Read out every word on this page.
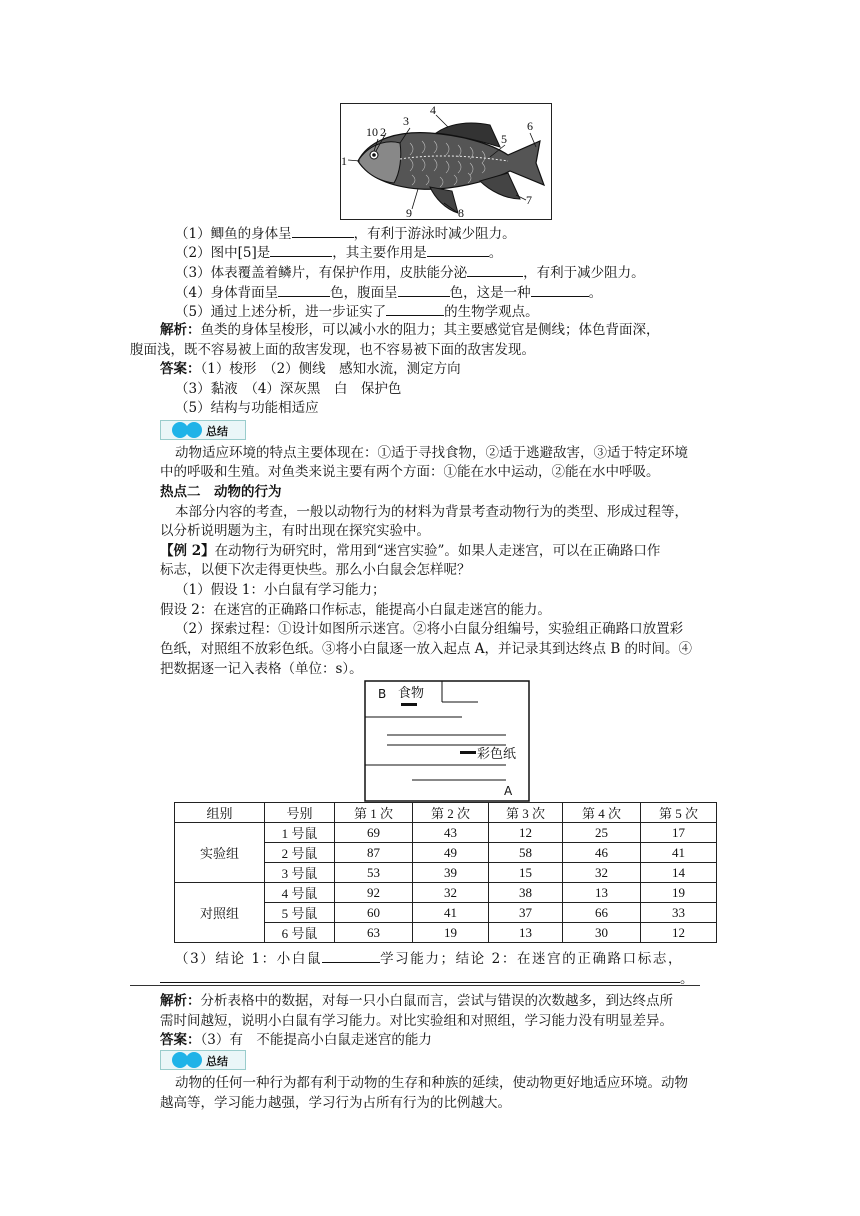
1
2
3
4
5
6
7
8
9
10
（1）鲫鱼的身体呈	，有利于游泳时减少阻力。
（2）图中[5]是	，其主要作用是	。
（3）体表覆盖着鳞片，有保护作用，皮肤能分泌	，有利于减少阻力。
（4）身体背面呈	色，腹面呈	色，这是一种	。
（5）通过上述分析，进一步证实了	的生物学观点。
解析：鱼类的身体呈梭形，可以减小水的阻力；其主要感觉官是侧线；体色背面深，
腹面浅，既不容易被上面的敌害发现，也不容易被下面的敌害发现。
答案：（1）梭形　（2）侧线　感知水流，测定方向
（3）黏液　（4）深灰黑　白　保护色
（5）结构与功能相适应
总结
动物适应环境的特点主要体现在：①适于寻找食物，②适于逃避敌害，③适于特定环境
中的呼吸和生殖。对鱼类来说主要有两个方面：①能在水中运动，②能在水中呼吸。
热点二　动物的行为
本部分内容的考查，一般以动物行为的材料为背景考查动物行为的类型、形成过程等，
以分析说明题为主，有时出现在探究实验中。
【例 2】在动物行为研究时，常用到“迷宫实验”。如果人走迷宫，可以在正确路口作
标志，以便下次走得更快些。那么小白鼠会怎样呢？
（1）假设 1：小白鼠有学习能力；
假设 2：在迷宫的正确路口作标志，能提高小白鼠走迷宫的能力。
（2）探索过程：①设计如图所示迷宫。②将小白鼠分组编号，实验组正确路口放置彩
色纸，对照组不放彩色纸。③将小白鼠逐一放入起点 A，并记录其到达终点 B 的时间。④
把数据逐一记入表格（单位：s）。
B 食物
彩色纸
A
组别	号别	第 1 次	第 2 次	第 3 次	第 4 次	第 5 次
实验组	1 号鼠	69	43	12	25	17
	2 号鼠	87	49	58	46	41
	3 号鼠	53	39	15	32	14
对照组	4 号鼠	92	32	38	13	19
	5 号鼠	60	41	37	66	33
	6 号鼠	63	19	13	30	12
（3）结论 1：小白鼠	学习能力；结论 2：在迷宫的正确路口标志，
。
解析：分析表格中的数据，对每一只小白鼠而言，尝试与错误的次数越多，到达终点所
需时间越短，说明小白鼠有学习能力。对比实验组和对照组，学习能力没有明显差异。
答案：（3）有　不能提高小白鼠走迷宫的能力
总结
动物的任何一种行为都有利于动物的生存和种族的延续，使动物更好地适应环境。动物
越高等，学习能力越强，学习行为占所有行为的比例越大。
